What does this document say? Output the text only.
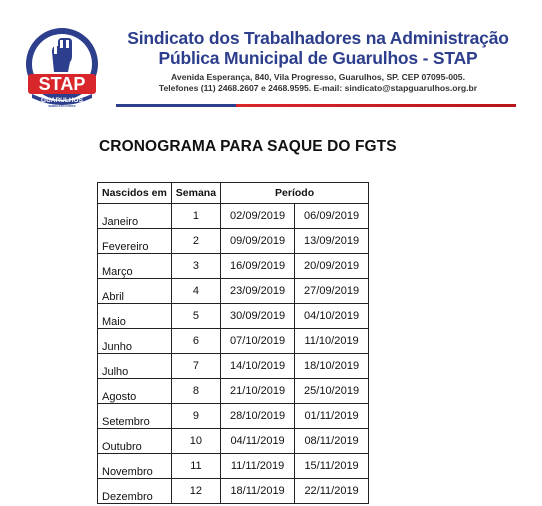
STAP
GUARULHOS
SINDICATO FORTE
Sindicato dos Trabalhadores na Administração
Pública Municipal de Guarulhos - STAP
Avenida Esperança, 840, Vila Progresso, Guarulhos, SP. CEP 07095-005.
Telefones (11) 2468.2607 e 2468.9595. E-mail: sindicato@stapguarulhos.org.br
CRONOGRAMA PARA SAQUE DO FGTS
Nascidos em	Semana	Período	
Janeiro	1	02/09/2019	06/09/2019
Fevereiro	2	09/09/2019	13/09/2019
Março	3	16/09/2019	20/09/2019
Abril	4	23/09/2019	27/09/2019
Maio	5	30/09/2019	04/10/2019
Junho	6	07/10/2019	11/10/2019
Julho	7	14/10/2019	18/10/2019
Agosto	8	21/10/2019	25/10/2019
Setembro	9	28/10/2019	01/11/2019
Outubro	10	04/11/2019	08/11/2019
Novembro	11	11/11/2019	15/11/2019
Dezembro	12	18/11/2019	22/11/2019
